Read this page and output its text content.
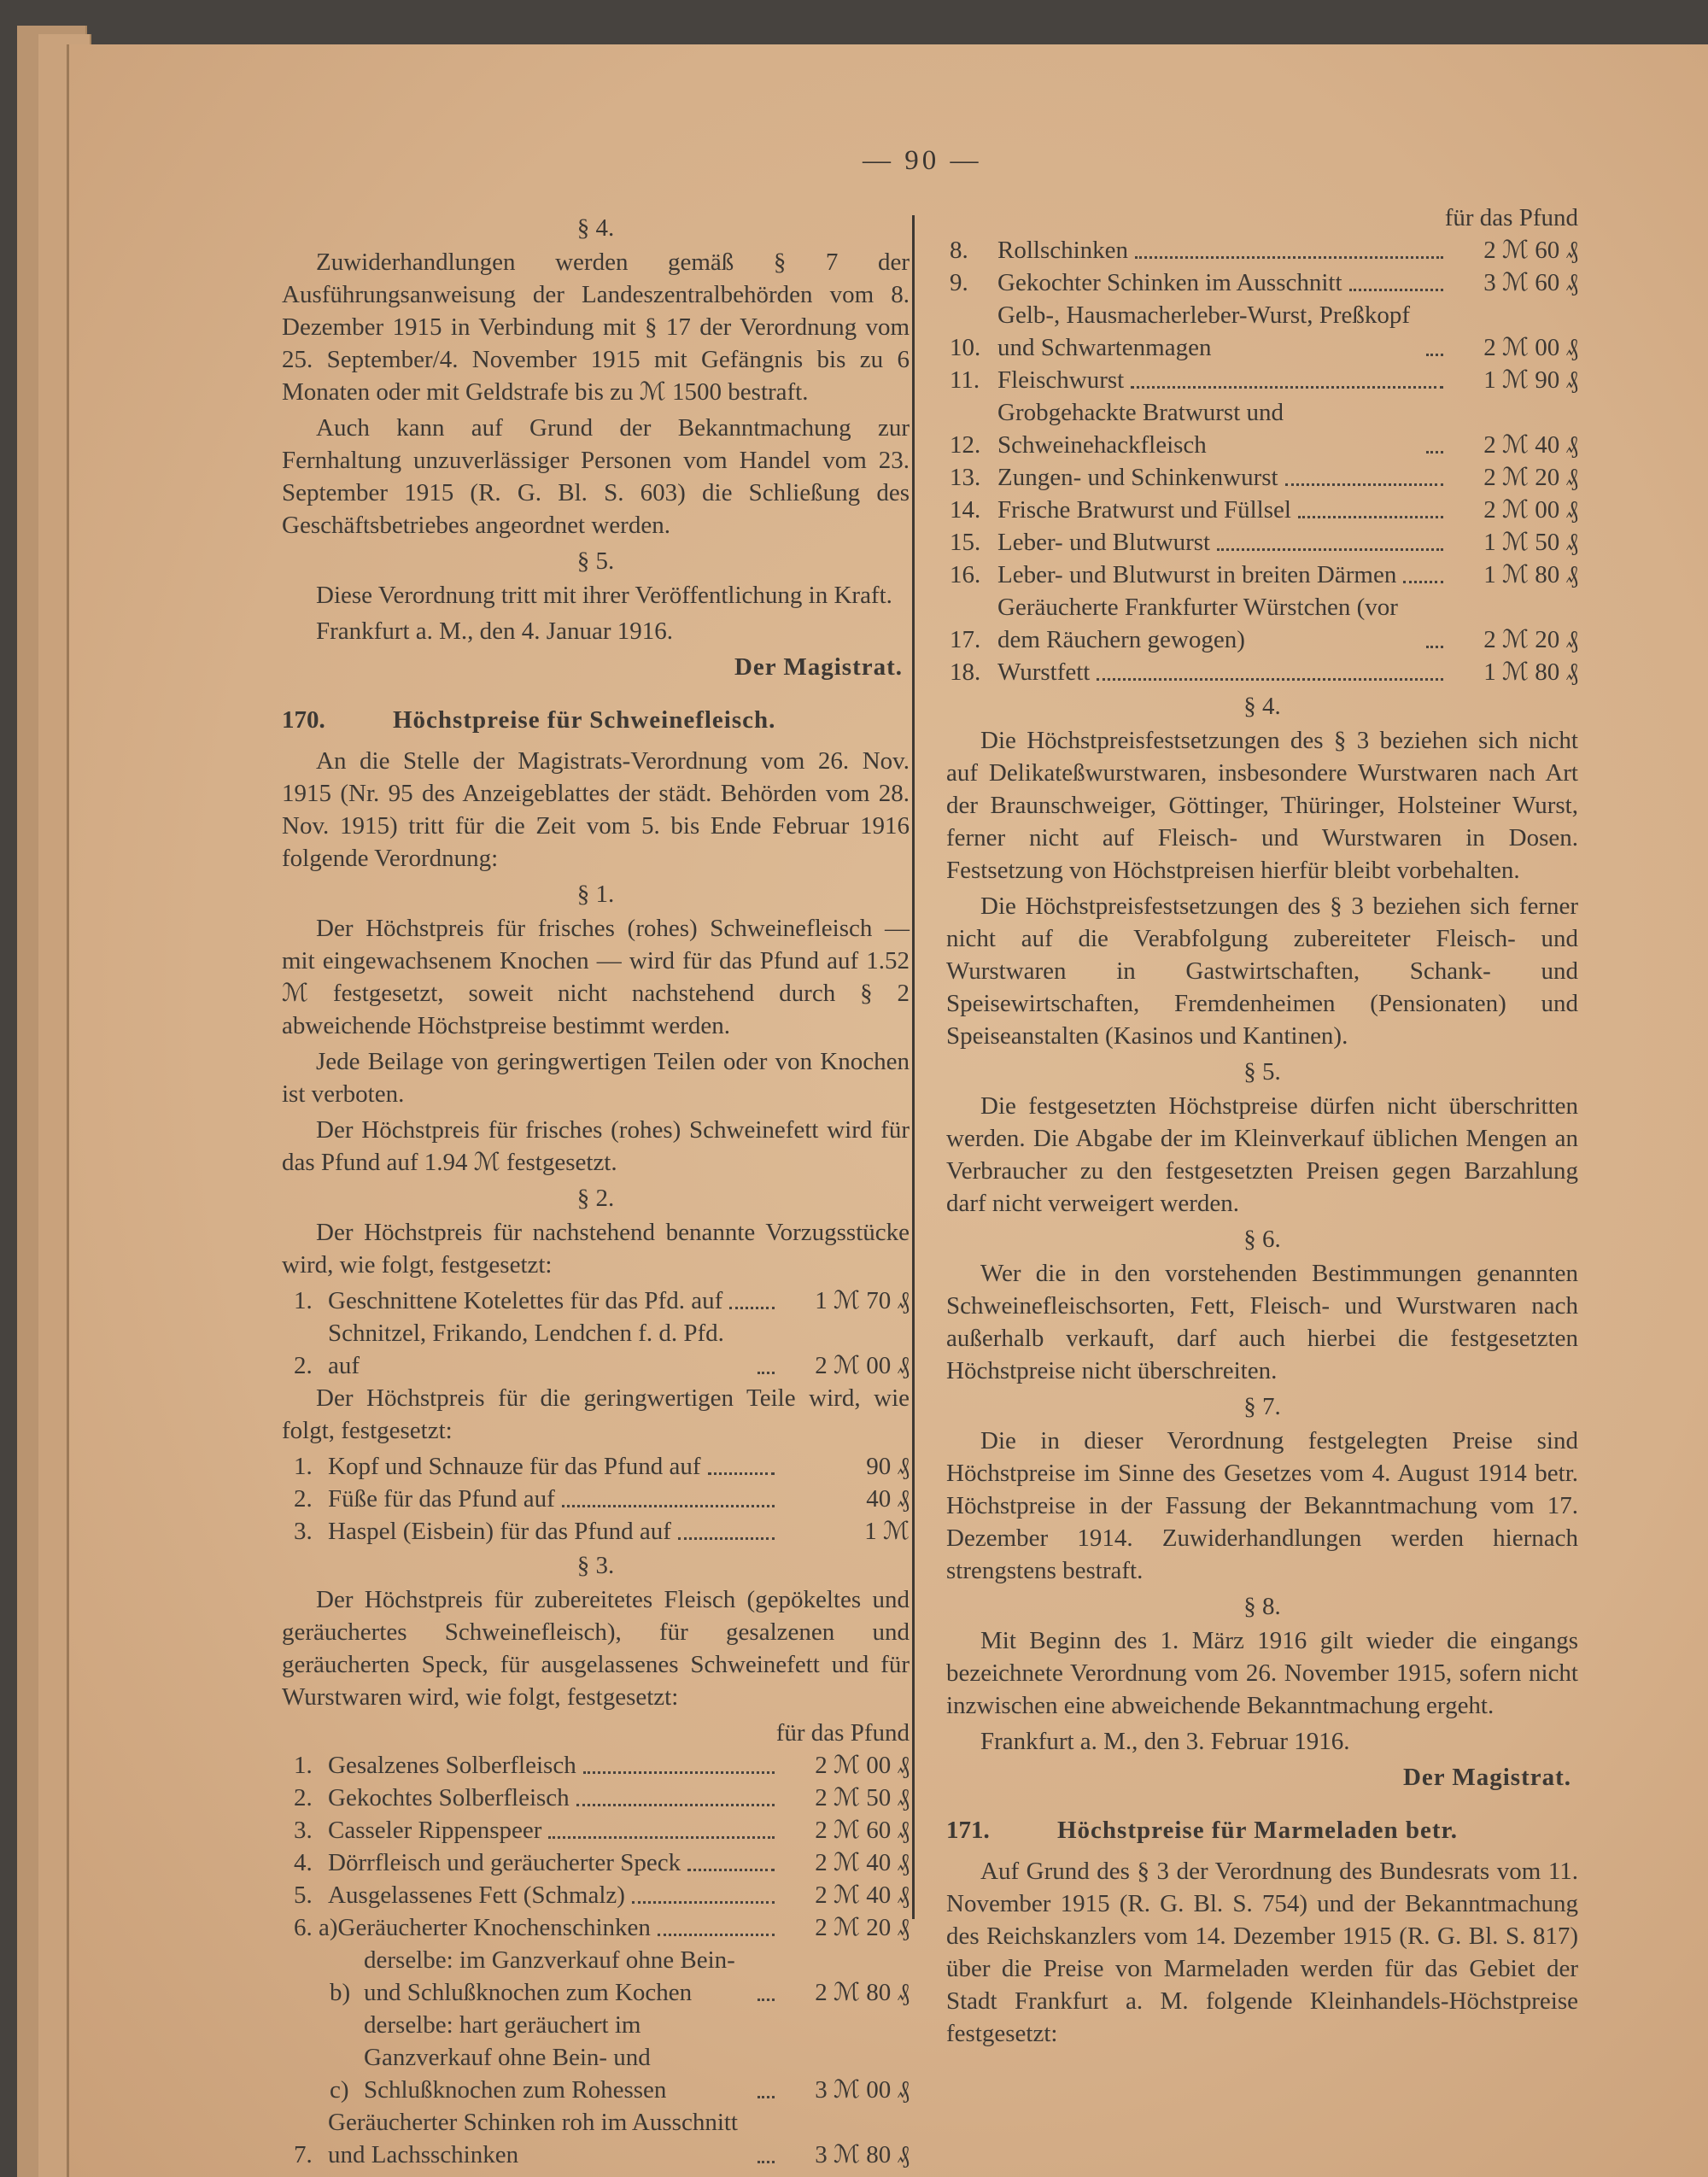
— 90 —
§ 4.

Zuwiderhandlungen werden gemäß § 7 der Ausführungsanweisung der Landeszentralbehörden vom 8. Dezember 1915 in Verbindung mit § 17 der Verordnung vom 25. September/4. November 1915 mit Gefängnis bis zu 6 Monaten oder mit Geldstrafe bis zu ℳ 1500 bestraft.

Auch kann auf Grund der Bekanntmachung zur Fernhaltung unzuverlässiger Personen vom Handel vom 23. September 1915 (R. G. Bl. S. 603) die Schließung des Geschäftsbetriebes angeordnet werden.

§ 5.

Diese Verordnung tritt mit ihrer Veröffentlichung in Kraft.

Frankfurt a. M., den 4. Januar 1916.

Der Magistrat.
170.	Höchstpreise für Schweinefleisch.

An die Stelle der Magistrats-Verordnung vom 26. Nov. 1915 (Nr. 95 des Anzeigeblattes der städt. Behörden vom 28. Nov. 1915) tritt für die Zeit vom 5. bis Ende Februar 1916 folgende Verordnung:

§ 1.

Der Höchstpreis für frisches (rohes) Schweinefleisch — mit eingewachsenem Knochen — wird für das Pfund auf 1.52 ℳ festgesetzt, soweit nicht nachstehend durch § 2 abweichende Höchstpreise bestimmt werden.

Jede Beilage von geringwertigen Teilen oder von Knochen ist verboten.

Der Höchstpreis für frisches (rohes) Schweinefett wird für das Pfund auf 1.94 ℳ festgesetzt.

§ 2.

Der Höchstpreis für nachstehend benannte Vorzugsstücke wird, wie folgt, festgesetzt:

1. Geschnittene Kotelettes für das Pfd. auf	1 ℳ 70 ₰
2.
Schnitzel, Frikando, Lendchen f. d. Pfd. auf	2 ℳ 00 ₰

Der Höchstpreis für die geringwertigen Teile wird, wie folgt, festgesetzt:

1. Kopf und Schnauze für das Pfund auf	90 ₰
2. Füße für das Pfund auf	40 ₰
3. Haspel (Eisbein) für das Pfund auf	1 ℳ
§ 3.

Der Höchstpreis für zubereitetes Fleisch (gepökeltes und geräuchertes Schweinefleisch), für gesalzenen und geräucherten Speck, für ausgelassenes Schweinefett und für Wurstwaren wird, wie folgt, festgesetzt:

für das Pfund
1. Gesalzenes Solberfleisch	2 ℳ 00 ₰
2. Gekochtes Solberfleisch	2 ℳ 50 ₰
3. Casseler Rippenspeer	2 ℳ 60 ₰
4. Dörrfleisch und geräucherter Speck	2 ℳ 40 ₰
5. Ausgelassenes Fett (Schmalz)	2 ℳ 40 ₰
6. a) Geräucherter Knochenschinken	2 ℳ 20 ₰
b)
derselbe: im Ganzverkauf ohne Bein- und Schlußknochen zum Kochen	2 ℳ 80 ₰
c)
derselbe: hart geräuchert im Ganzverkauf ohne Bein- und Schlußknochen zum Rohessen	3 ℳ 00 ₰
7.
Geräucherter Schinken roh im Ausschnitt und Lachsschinken	3 ℳ 80 ₰
für das Pfund
8.	Rollschinken	2 ℳ 60 ₰
9.	Gekochter Schinken im Ausschnitt	3 ℳ 60 ₰
10.
Gelb-, Hausmacherleber-Wurst, Preßkopf und Schwartenmagen	2 ℳ 00 ₰
11. Fleischwurst	1 ℳ 90 ₰
12.
Grobgehackte Bratwurst und Schweinehackfleisch	2 ℳ 40 ₰
13. Zungen- und Schinkenwurst	2 ℳ 20 ₰
14. Frische Bratwurst und Füllsel	2 ℳ 00 ₰
15. Leber- und Blutwurst	1 ℳ 50 ₰
16. Leber- und Blutwurst in breiten Därmen	1 ℳ 80 ₰
17.
Geräucherte Frankfurter Würstchen (vor dem Räuchern gewogen)	2 ℳ 20 ₰
18. Wurstfett	1 ℳ 80 ₰
§ 4.

Die Höchstpreisfestsetzungen des § 3 beziehen sich nicht auf Delikateßwurstwaren, insbesondere Wurstwaren nach Art der Braunschweiger, Göttinger, Thüringer, Holsteiner Wurst, ferner nicht auf Fleisch- und Wurstwaren in Dosen. Festsetzung von Höchstpreisen hierfür bleibt vorbehalten.

Die Höchstpreisfestsetzungen des § 3 beziehen sich ferner nicht auf die Verabfolgung zubereiteter Fleisch- und Wurstwaren in Gastwirtschaften, Schank- und Speisewirtschaften, Fremdenheimen (Pensionaten) und Speiseanstalten (Kasinos und Kantinen).

§ 5.

Die festgesetzten Höchstpreise dürfen nicht überschritten werden. Die Abgabe der im Kleinverkauf üblichen Mengen an Verbraucher zu den festgesetzten Preisen gegen Barzahlung darf nicht verweigert werden.

§ 6.

Wer die in den vorstehenden Bestimmungen genannten Schweinefleischsorten, Fett, Fleisch- und Wurstwaren nach außerhalb verkauft, darf auch hierbei die festgesetzten Höchstpreise nicht überschreiten.

§ 7.

Die in dieser Verordnung festgelegten Preise sind Höchstpreise im Sinne des Gesetzes vom 4. August 1914 betr. Höchstpreise in der Fassung der Bekanntmachung vom 17. Dezember 1914. Zuwiderhandlungen werden hiernach strengstens bestraft.

§ 8.

Mit Beginn des 1. März 1916 gilt wieder die eingangs bezeichnete Verordnung vom 26. November 1915, sofern nicht inzwischen eine abweichende Bekanntmachung ergeht.

Frankfurt a. M., den 3. Februar 1916.

Der Magistrat.
171.	Höchstpreise für Marmeladen betr.

Auf Grund des § 3 der Verordnung des Bundesrats vom 11. November 1915 (R. G. Bl. S. 754) und der Bekanntmachung des Reichskanzlers vom 14. Dezember 1915 (R. G. Bl. S. 817) über die Preise von Marmeladen werden für das Gebiet der Stadt Frankfurt a. M. folgende Kleinhandels-Höchstpreise festgesetzt:
